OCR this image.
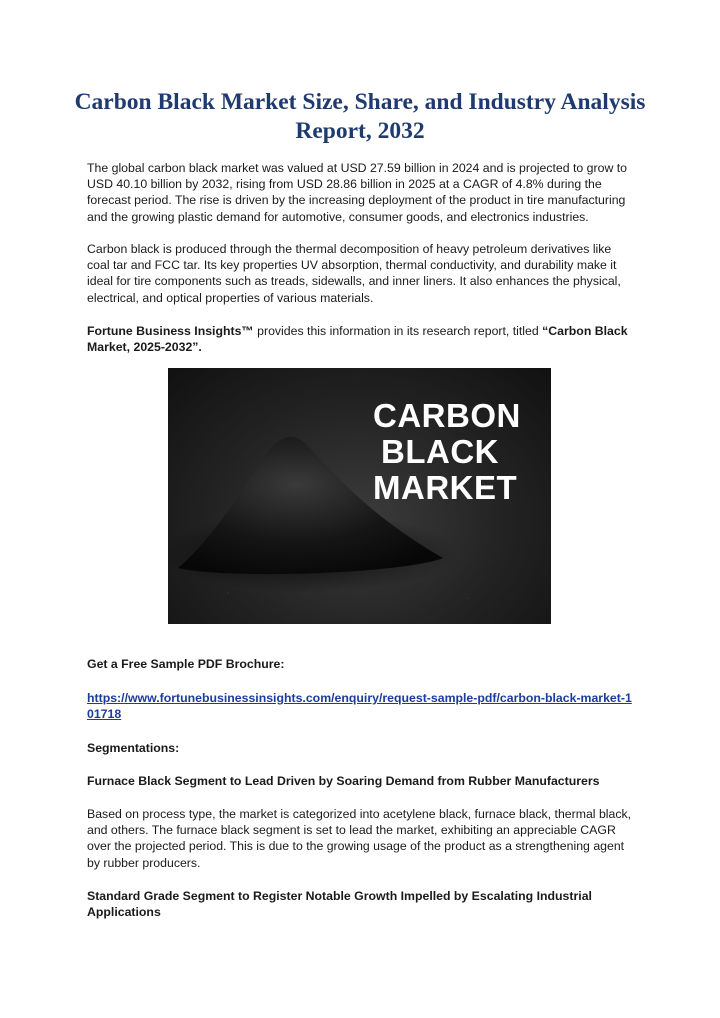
Carbon Black Market Size, Share, and Industry Analysis Report, 2032

The global carbon black market was valued at USD 27.59 billion in 2024 and is projected to grow to USD 40.10 billion by 2032, rising from USD 28.86 billion in 2025 at a CAGR of 4.8% during the forecast period. The rise is driven by the increasing deployment of the product in tire manufacturing and the growing plastic demand for automotive, consumer goods, and electronics industries.

Carbon black is produced through the thermal decomposition of heavy petroleum derivatives like coal tar and FCC tar. Its key properties UV absorption, thermal conductivity, and durability make it ideal for tire components such as treads, sidewalls, and inner liners. It also enhances the physical, electrical, and optical properties of various materials.

Fortune Business Insights™ provides this information in its research report, titled “Carbon Black Market, 2025-2032”.

CARBON
BLACK
MARKET

Get a Free Sample PDF Brochure:

https://www.fortunebusinessinsights.com/enquiry/request-sample-pdf/carbon-black-market-101718

Segmentations:

Furnace Black Segment to Lead Driven by Soaring Demand from Rubber Manufacturers

Based on process type, the market is categorized into acetylene black, furnace black, thermal black, and others. The furnace black segment is set to lead the market, exhibiting an appreciable CAGR over the projected period. This is due to the growing usage of the product as a strengthening agent by rubber producers.

Standard Grade Segment to Register Notable Growth Impelled by Escalating Industrial Applications
